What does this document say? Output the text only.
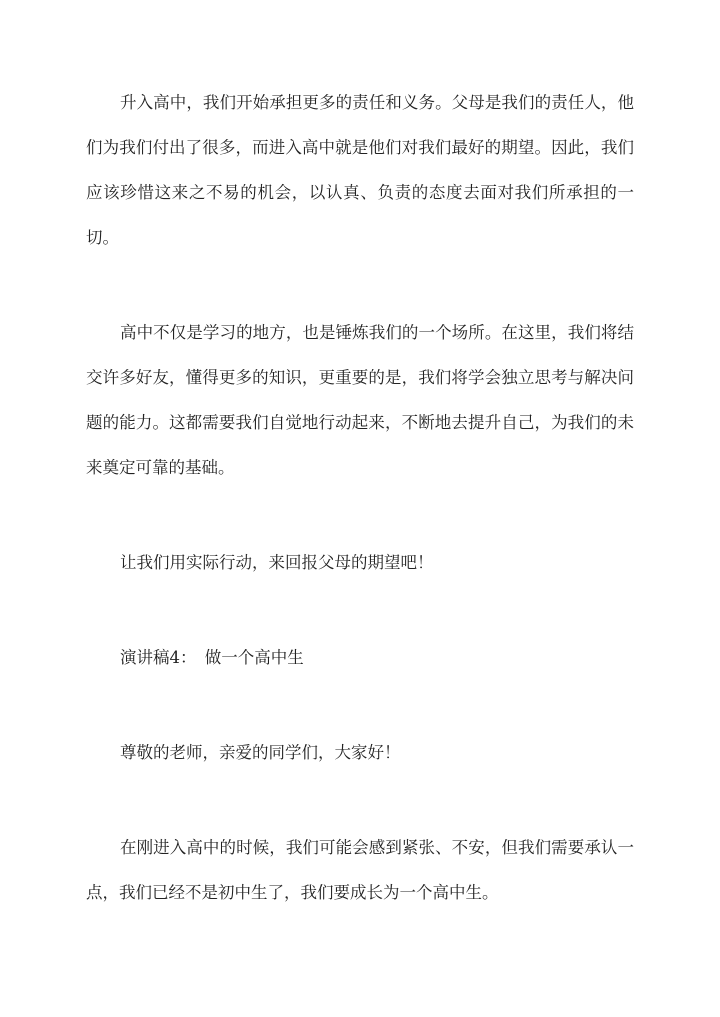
升入高中，我们开始承担更多的责任和义务。父母是我们的责任人，他们为我们付出了很多，而进入高中就是他们对我们最好的期望。因此，我们应该珍惜这来之不易的机会，以认真、负责的态度去面对我们所承担的一切。

高中不仅是学习的地方，也是锤炼我们的一个场所。在这里，我们将结交许多好友，懂得更多的知识，更重要的是，我们将学会独立思考与解决问题的能力。这都需要我们自觉地行动起来，不断地去提升自己，为我们的未来奠定可靠的基础。

让我们用实际行动，来回报父母的期望吧！

演讲稿4：　做一个高中生

尊敬的老师，亲爱的同学们，大家好！

在刚进入高中的时候，我们可能会感到紧张、不安，但我们需要承认一点，我们已经不是初中生了，我们要成长为一个高中生。
